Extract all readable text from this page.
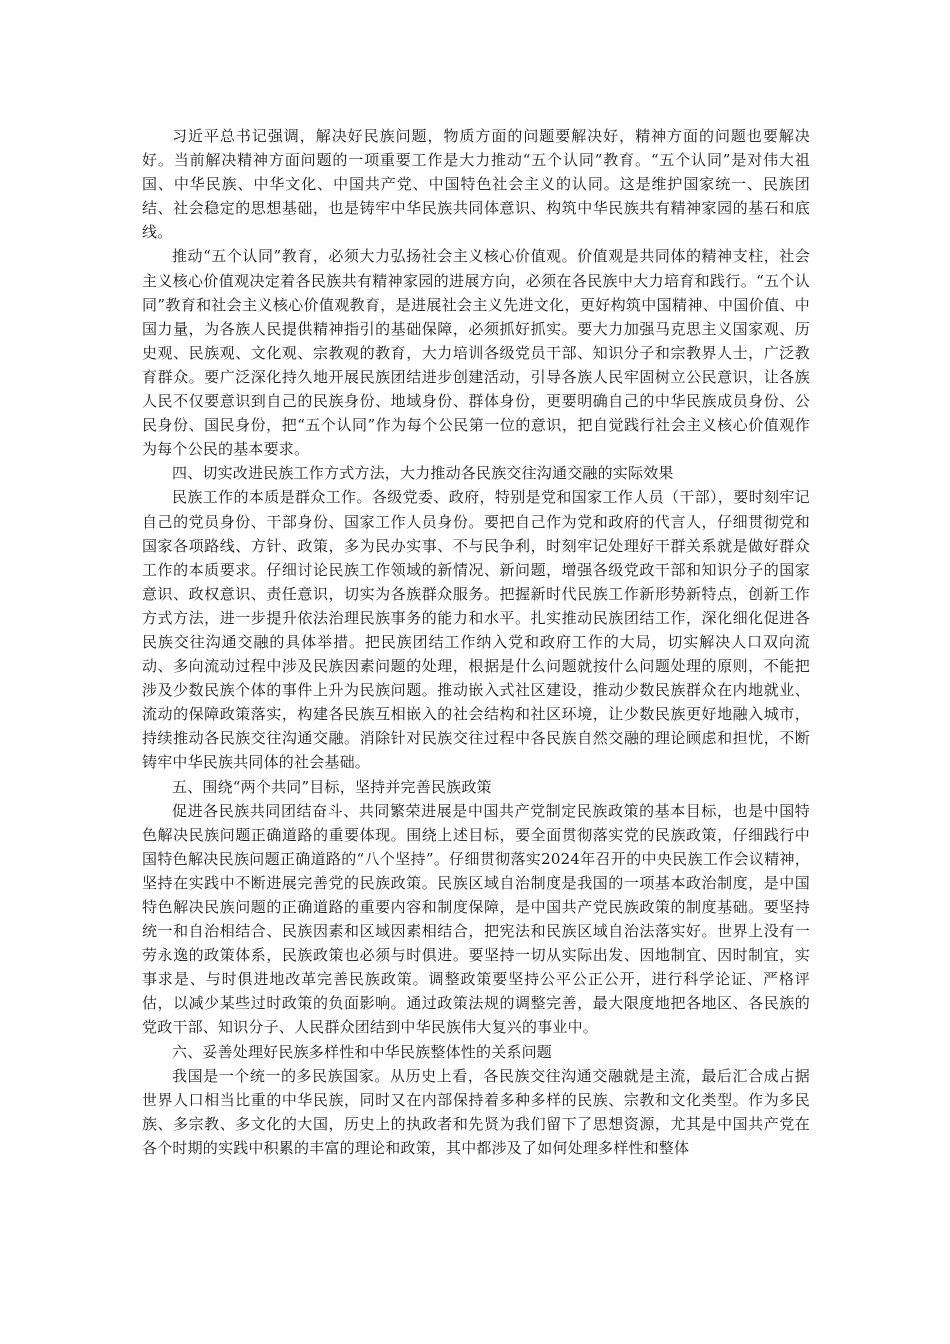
习近平总书记强调，解决好民族问题，物质方面的问题要解决好，精神方面的问题也要解决好。当前解决精神方面问题的一项重要工作是大力推动“五个认同”教育。“五个认同”是对伟大祖国、中华民族、中华文化、中国共产党、中国特色社会主义的认同。这是维护国家统一、民族团结、社会稳定的思想基础，也是铸牢中华民族共同体意识、构筑中华民族共有精神家园的基石和底线。

推动“五个认同”教育，必须大力弘扬社会主义核心价值观。价值观是共同体的精神支柱，社会主义核心价值观决定着各民族共有精神家园的进展方向，必须在各民族中大力培育和践行。“五个认同”教育和社会主义核心价值观教育，是进展社会主义先进文化，更好构筑中国精神、中国价值、中国力量，为各族人民提供精神指引的基础保障，必须抓好抓实。要大力加强马克思主义国家观、历史观、民族观、文化观、宗教观的教育，大力培训各级党员干部、知识分子和宗教界人士，广泛教育群众。要广泛深化持久地开展民族团结进步创建活动，引导各族人民牢固树立公民意识，让各族人民不仅要意识到自己的民族身份、地域身份、群体身份，更要明确自己的中华民族成员身份、公民身份、国民身份，把“五个认同”作为每个公民第一位的意识，把自觉践行社会主义核心价值观作为每个公民的基本要求。

四、切实改进民族工作方式方法，大力推动各民族交往沟通交融的实际效果

民族工作的本质是群众工作。各级党委、政府，特别是党和国家工作人员（干部），要时刻牢记自己的党员身份、干部身份、国家工作人员身份。要把自己作为党和政府的代言人，仔细贯彻党和国家各项路线、方针、政策，多为民办实事、不与民争利，时刻牢记处理好干群关系就是做好群众工作的本质要求。仔细讨论民族工作领域的新情况、新问题，增强各级党政干部和知识分子的国家意识、政权意识、责任意识，切实为各族群众服务。把握新时代民族工作新形势新特点，创新工作方式方法，进一步提升依法治理民族事务的能力和水平。扎实推动民族团结工作，深化细化促进各民族交往沟通交融的具体举措。把民族团结工作纳入党和政府工作的大局，切实解决人口双向流动、多向流动过程中涉及民族因素问题的处理，根据是什么问题就按什么问题处理的原则，不能把涉及少数民族个体的事件上升为民族问题。推动嵌入式社区建设，推动少数民族群众在内地就业、流动的保障政策落实，构建各民族互相嵌入的社会结构和社区环境，让少数民族更好地融入城市，持续推动各民族交往沟通交融。消除针对民族交往过程中各民族自然交融的理论顾虑和担忧，不断铸牢中华民族共同体的社会基础。

五、围绕“两个共同”目标，坚持并完善民族政策

促进各民族共同团结奋斗、共同繁荣进展是中国共产党制定民族政策的基本目标，也是中国特色解决民族问题正确道路的重要体现。围绕上述目标，要全面贯彻落实党的民族政策，仔细践行中国特色解决民族问题正确道路的“八个坚持”。仔细贯彻落实2024年召开的中央民族工作会议精神，坚持在实践中不断进展完善党的民族政策。民族区域自治制度是我国的一项基本政治制度，是中国特色解决民族问题的正确道路的重要内容和制度保障，是中国共产党民族政策的制度基础。要坚持统一和自治相结合、民族因素和区域因素相结合，把宪法和民族区域自治法落实好。世界上没有一劳永逸的政策体系，民族政策也必须与时俱进。要坚持一切从实际出发、因地制宜、因时制宜，实事求是、与时俱进地改革完善民族政策。调整政策要坚持公平公正公开，进行科学论证、严格评估，以减少某些过时政策的负面影响。通过政策法规的调整完善，最大限度地把各地区、各民族的党政干部、知识分子、人民群众团结到中华民族伟大复兴的事业中。

六、妥善处理好民族多样性和中华民族整体性的关系问题

我国是一个统一的多民族国家。从历史上看，各民族交往沟通交融就是主流，最后汇合成占据世界人口相当比重的中华民族，同时又在内部保持着多种多样的民族、宗教和文化类型。作为多民族、多宗教、多文化的大国，历史上的执政者和先贤为我们留下了思想资源，尤其是中国共产党在各个时期的实践中积累的丰富的理论和政策，其中都涉及了如何处理多样性和整体
